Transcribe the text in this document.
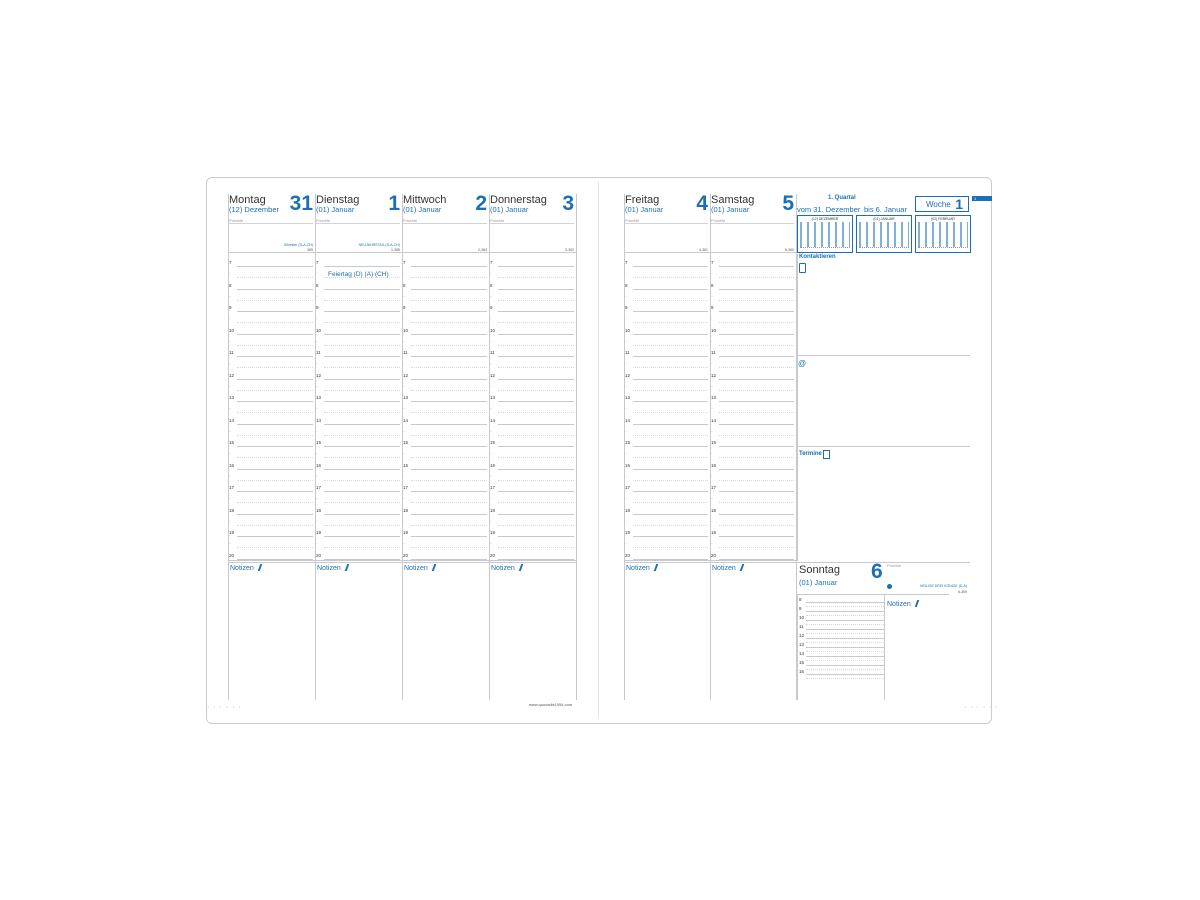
1
· · · · · ·	· · · · · ·
Montag
(12) Dezember 31
Priorität
Silvester (D-A-CH)
365
7
-
8
-
9
-
10
-
11
-
12
-
13
-
14
-
15
-
16
-
17
-
18
-
19
-
20
Notizen
Dienstag
(01) Januar 1
Priorität
NEUJAHRSTAG (D-A-CH)
1-365
7
-
8
-
9
-
10
-
11
-
12
-
13
-
14
-
15
-
16
-
17
-
18
-
19
-
20
Notizen
Mittwoch
(01) Januar 2
Priorität
2-363
7
-
8
-
9
-
10
-
11
-
12
-
13
-
14
-
15
-
16
-
17
-
18
-
19
-
20
Notizen
Donnerstag
(01) Januar 3
Priorität
3-362
7
-
8
-
9
-
10
-
11
-
12
-
13
-
14
-
15
-
16
-
17
-
18
-
19
-
20
Notizen
Freitag
(01) Januar 4
Priorität
4-361
7
-
8
-
9
-
10
-
11
-
12
-
13
-
14
-
15
-
16
-
17
-
18
-
19
-
20
Notizen
Samstag
(01) Januar 5
Priorität
5-360
7
-
8
-
9
-
10
-
11
-
12
-
13
-
14
-
15
-
16
-
17
-
18
-
19
-
20
Notizen
Feiertag (D) (A) (CH)
www.quovadis1954.com
1. Quartal
vom 31. Dezember bis 6. Januar
Woche 1
(12) DEZEMBER	(01) JANUAR	(02) FEBRUAR
Kontaktieren
@
Termine
Sonntag
(01) Januar 6 Priorität
HEILIGE DREI KÖNIGE (D-A)
6-359
Notizen
8
9
10
11
12
13
14
15
16
